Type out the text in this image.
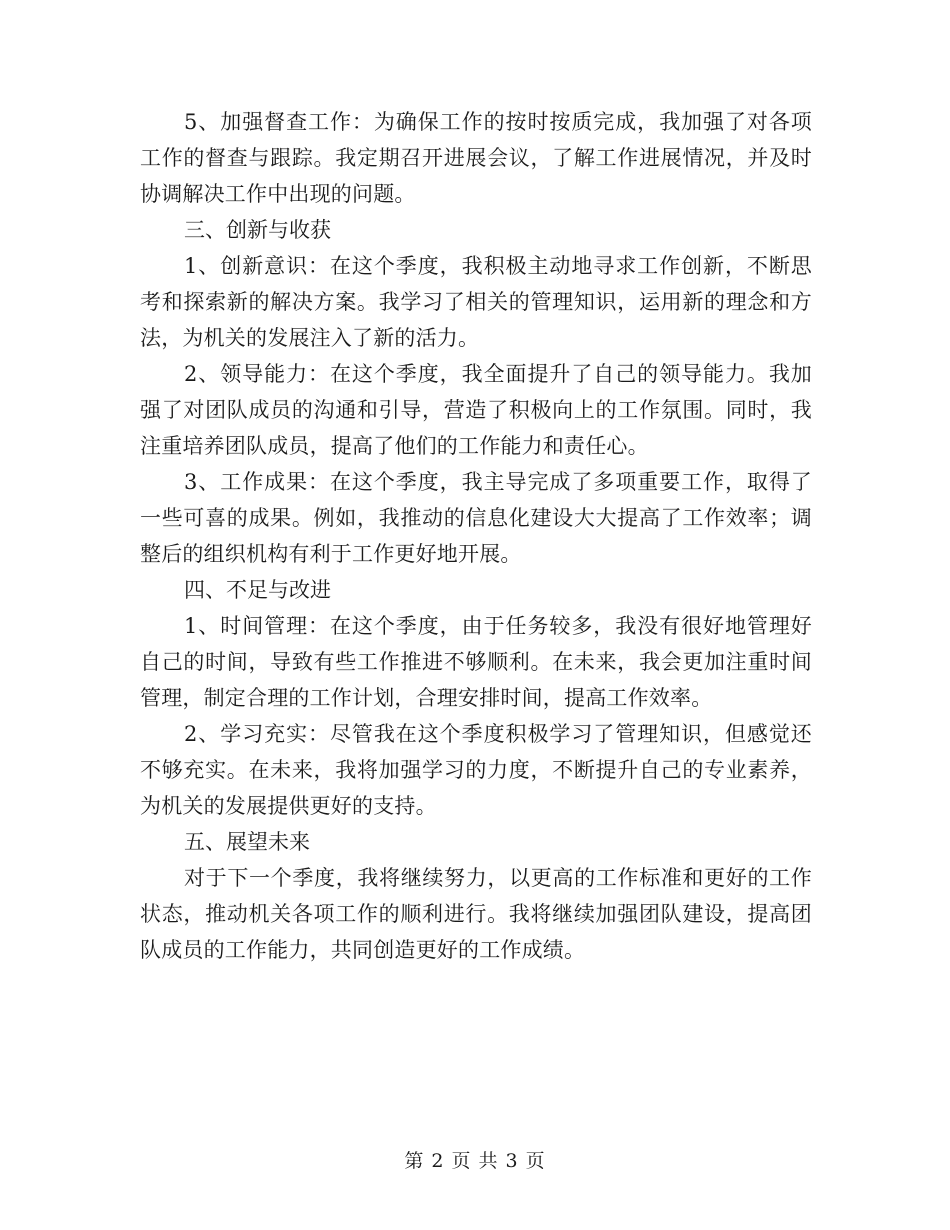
5、加强督查工作：为确保工作的按时按质完成，我加强了对各项工作的督查与跟踪。我定期召开进展会议，了解工作进展情况，并及时协调解决工作中出现的问题。

三、创新与收获

1、创新意识：在这个季度，我积极主动地寻求工作创新，不断思考和探索新的解决方案。我学习了相关的管理知识，运用新的理念和方法，为机关的发展注入了新的活力。

2、领导能力：在这个季度，我全面提升了自己的领导能力。我加强了对团队成员的沟通和引导，营造了积极向上的工作氛围。同时，我注重培养团队成员，提高了他们的工作能力和责任心。

3、工作成果：在这个季度，我主导完成了多项重要工作，取得了一些可喜的成果。例如，我推动的信息化建设大大提高了工作效率；调整后的组织机构有利于工作更好地开展。

四、不足与改进

1、时间管理：在这个季度，由于任务较多，我没有很好地管理好自己的时间，导致有些工作推进不够顺利。在未来，我会更加注重时间管理，制定合理的工作计划，合理安排时间，提高工作效率。

2、学习充实：尽管我在这个季度积极学习了管理知识，但感觉还不够充实。在未来，我将加强学习的力度，不断提升自己的专业素养，为机关的发展提供更好的支持。

五、展望未来

对于下一个季度，我将继续努力，以更高的工作标准和更好的工作状态，推动机关各项工作的顺利进行。我将继续加强团队建设，提高团队成员的工作能力，共同创造更好的工作成绩。

第 2 页 共 3 页
